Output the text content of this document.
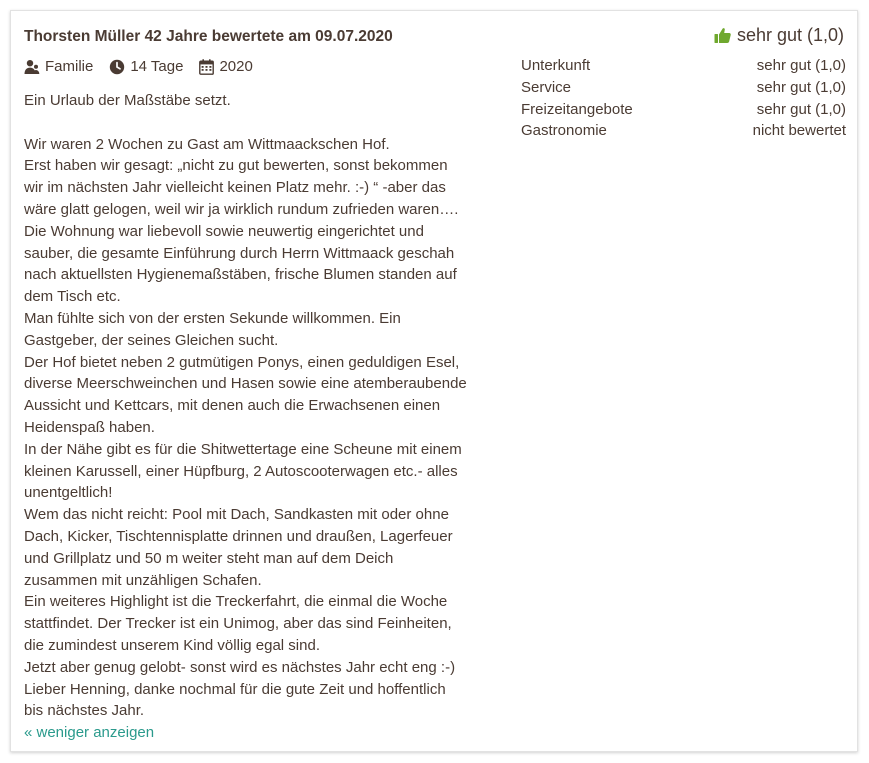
Thorsten Müller 42 Jahre bewertete am 09.07.2020	sehr gut (1,0)
Familie 14 Tage 2020

Ein Urlaub der Maßstäbe setzt.

Wir waren 2 Wochen zu Gast am Wittmaackschen Hof.

Erst haben wir gesagt: „nicht zu gut bewerten, sonst bekommen

wir im nächsten Jahr vielleicht keinen Platz mehr. :-) “ -aber das

wäre glatt gelogen, weil wir ja wirklich rundum zufrieden waren….

Die Wohnung war liebevoll sowie neuwertig eingerichtet und

sauber, die gesamte Einführung durch Herrn Wittmaack geschah

nach aktuellsten Hygienemaßstäben, frische Blumen standen auf

dem Tisch etc.

Man fühlte sich von der ersten Sekunde willkommen. Ein

Gastgeber, der seines Gleichen sucht.

Der Hof bietet neben 2 gutmütigen Ponys, einen geduldigen Esel,

diverse Meerschweinchen und Hasen sowie eine atemberaubende

Aussicht und Kettcars, mit denen auch die Erwachsenen einen

Heidenspaß haben.

In der Nähe gibt es für die Shitwettertage eine Scheune mit einem

kleinen Karussell, einer Hüpfburg, 2 Autoscooterwagen etc.- alles

unentgeltlich!

Wem das nicht reicht: Pool mit Dach, Sandkasten mit oder ohne

Dach, Kicker, Tischtennisplatte drinnen und draußen, Lagerfeuer

und Grillplatz und 50 m weiter steht man auf dem Deich

zusammen mit unzähligen Schafen.

Ein weiteres Highlight ist die Treckerfahrt, die einmal die Woche

stattfindet. Der Trecker ist ein Unimog, aber das sind Feinheiten,

die zumindest unserem Kind völlig egal sind.

Jetzt aber genug gelobt- sonst wird es nächstes Jahr echt eng :-)

Lieber Henning, danke nochmal für die gute Zeit und hoffentlich

bis nächstes Jahr.

« weniger anzeigen
Unterkunft	sehr gut (1,0)
Service	sehr gut (1,0)
Freizeitangebote	sehr gut (1,0)
Gastronomie	nicht bewertet
